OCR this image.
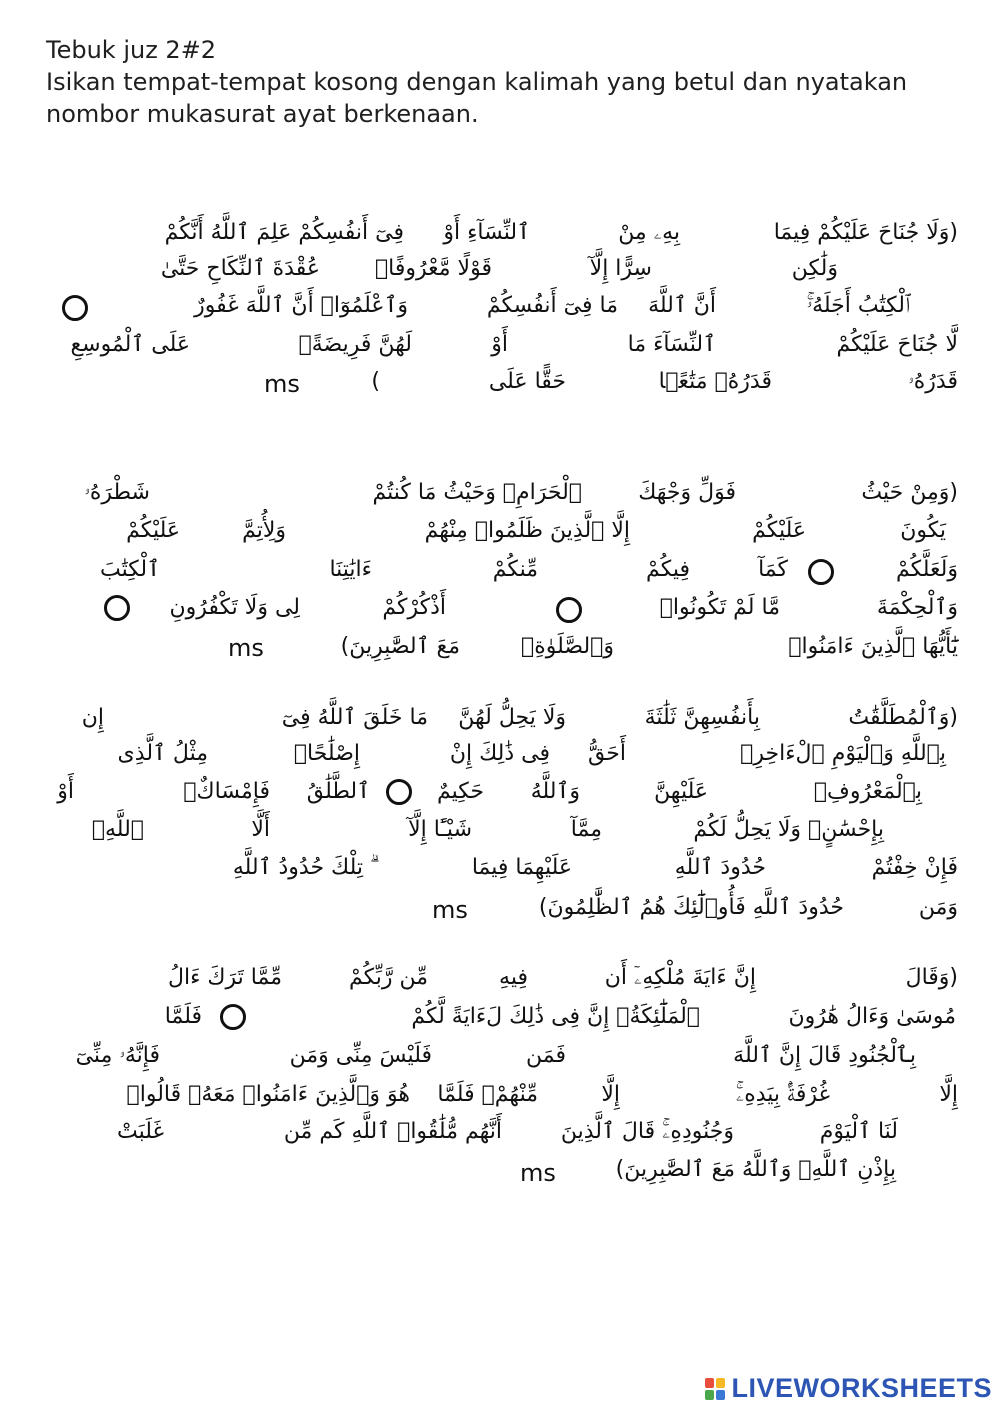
Tebuk juz 2#2
Isikan tempat-tempat kosong dengan kalimah yang betul dan nyatakan
nombor mukasurat ayat berkenaan.
(وَلَا جُنَاحَ عَلَيْكُمْ فِيمَا
بِهِۦ مِنْ
ٱلنِّسَآءِ أَوْ
فِىٓ أَنفُسِكُمْ عَلِمَ ٱللَّهُ أَنَّكُمْ
وَلَٰكِن
سِرًّا إِلَّآ
قَوْلًا مَّعْرُوفًاۚ
عُقْدَةَ ٱلنِّكَاحِ حَتَّىٰ
ٱلْكِتَٰبُ أَجَلَهُۥۚ
أَنَّ ٱللَّهَ
مَا فِىٓ أَنفُسِكُمْ
وَٱعْلَمُوٓا۟ أَنَّ ٱللَّهَ غَفُورٌ
لَّا جُنَاحَ عَلَيْكُمْ
ٱلنِّسَآءَ مَا
أَوْ
لَهُنَّ فَرِيضَةًۚ
عَلَى ٱلْمُوسِعِ
قَدَرُهُۥ
قَدَرُهُۥ مَتَٰعًۢا
حَقًّا عَلَى
)
ms
(وَمِنْ حَيْثُ
فَوَلِّ وَجْهَكَ
ٱلْحَرَامِۚ وَحَيْثُ مَا كُنتُمْ
شَطْرَهُۥ
يَكُونَ
عَلَيْكُمْ
إِلَّا ٱلَّذِينَ ظَلَمُوا۟ مِنْهُمْ
وَلِأُتِمَّ
عَلَيْكُمْ
وَلَعَلَّكُمْ
كَمَآ
فِيكُمْ
مِّنكُمْ
ءَايَٰتِنَا
ٱلْكِتَٰبَ
وَٱلْحِكْمَةَ
مَّا لَمْ تَكُونُوا۟
أَذْكُرْكُمْ
لِى وَلَا تَكْفُرُونِ
يَٰٓأَيُّهَا ٱلَّذِينَ ءَامَنُوا۟
وَٱلصَّلَوٰةِۚ
مَعَ ٱلصَّٰبِرِينَ)
ms
(وَٱلْمُطَلَّقَٰتُ
بِأَنفُسِهِنَّ ثَلَٰثَةَ
وَلَا يَحِلُّ لَهُنَّ
مَا خَلَقَ ٱللَّهُ فِىٓ
إِن
بِٱللَّهِ وَٱلْيَوْمِ ٱلْءَاخِرِۚ
أَحَقُّ
فِى ذَٰلِكَ إِنْ
إِصْلَٰحًاۚ
مِثْلُ ٱلَّذِى
بِٱلْمَعْرُوفِۚ
عَلَيْهِنَّ
وَٱللَّهُ
حَكِيمٌ
ٱلطَّلَٰقُ
فَإِمْسَاكٌۢ
أَوْ
بِإِحْسَٰنٍۗ وَلَا يَحِلُّ لَكُمْ
مِمَّآ
شَيْـًٔا إِلَّآ
أَلَّا
ٱللَّهِۖ
فَإِنْ خِفْتُمْ
حُدُودَ ٱللَّهِ
عَلَيْهِمَا فِيمَا
ۗ تِلْكَ حُدُودُ ٱللَّهِ
وَمَن
حُدُودَ ٱللَّهِ فَأُو۟لَٰٓئِكَ هُمُ ٱلظَّٰلِمُونَ)
ms
(وَقَالَ
إِنَّ ءَايَةَ مُلْكِهِۦٓ أَن
فِيهِ
مِّن رَّبِّكُمْ
مِّمَّا تَرَكَ ءَالُ
مُوسَىٰ وَءَالُ هَٰرُونَ
ٱلْمَلَٰٓئِكَةُۚ إِنَّ فِى ذَٰلِكَ لَءَايَةً لَّكُمْ
فَلَمَّا
بِٱلْجُنُودِ قَالَ إِنَّ ٱللَّهَ
فَمَن
فَلَيْسَ مِنِّى وَمَن
فَإِنَّهُۥ مِنِّىٓ
إِلَّا
غُرْفَةًۢ بِيَدِهِۦۚ
إِلَّا
مِّنْهُمْۚ فَلَمَّا
هُوَ وَٱلَّذِينَ ءَامَنُوا۟ مَعَهُۥ قَالُوا۟
لَنَا ٱلْيَوْمَ
وَجُنُودِهِۦۚ قَالَ ٱلَّذِينَ
أَنَّهُم مُّلَٰقُوا۟ ٱللَّهِ كَم مِّن
غَلَبَتْ
بِإِذْنِ ٱللَّهِۗ وَٱللَّهُ مَعَ ٱلصَّٰبِرِينَ)
ms
LIVEWORKSHEETS
